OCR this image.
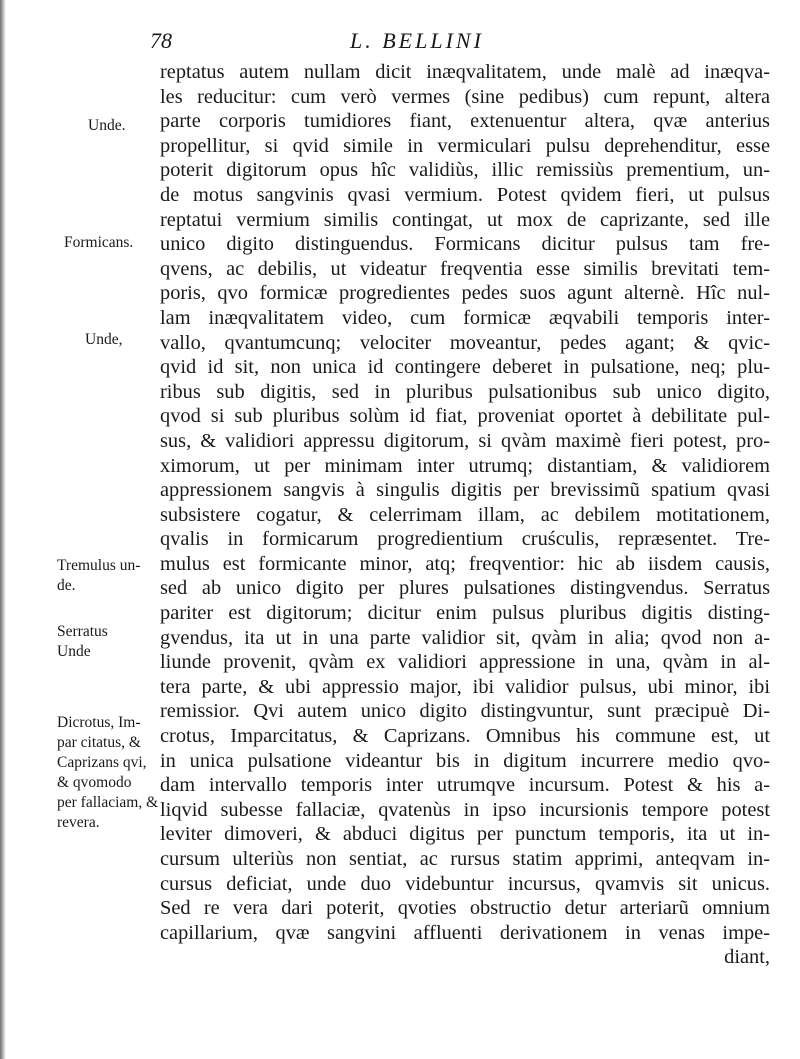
78	L. BELLINI
Unde.
Formicans.
Unde,
Tremulus un-
de.
Serratus
Unde
Dicrotus, Im-
par citatus, &
Caprizans qvi,
& qvomodo
per fallaciam, &
revera.
reptatus autem nullam dicit inæqvalitatem, unde malè ad inæqva-
les reducitur: cum verò vermes (sine pedibus) cum repunt, altera
parte corporis tumidiores fiant, extenuentur altera, qvæ anterius
propellitur, si qvid simile in vermiculari pulsu deprehenditur, esse
poterit digitorum opus hîc validiùs, illic remissiùs prementium, un-
de motus sangvinis qvasi vermium. Potest qvidem fieri, ut pulsus
reptatui vermium similis contingat, ut mox de caprizante, sed ille
unico digito distinguendus. Formicans dicitur pulsus tam fre-
qvens, ac debilis, ut videatur freqventia esse similis brevitati tem-
poris, qvo formicæ progredientes pedes suos agunt alternè. Hîc nul-
lam inæqvalitatem video, cum formicæ æqvabili temporis inter-
vallo, qvantumcunq; velociter moveantur, pedes agant; & qvic-
qvid id sit, non unica id contingere deberet in pulsatione, neq; plu-
ribus sub digitis, sed in pluribus pulsationibus sub unico digito,
qvod si sub pluribus solùm id fiat, proveniat oportet à debilitate pul-
sus, & validiori appressu digitorum, si qvàm maximè fieri potest, pro-
ximorum, ut per minimam inter utrumq; distantiam, & validiorem
appressionem sangvis à singulis digitis per brevissimũ spatium qvasi
subsistere cogatur, & celerrimam illam, ac debilem motitationem,
qvalis in formicarum progredientium cruśculis, repræsentet. Tre-
mulus est formicante minor, atq; freqventior: hic ab iisdem causis,
sed ab unico digito per plures pulsationes distingvendus. Serratus
pariter est digitorum; dicitur enim pulsus pluribus digitis disting-
gvendus, ita ut in una parte validior sit, qvàm in alia; qvod non a-
liunde provenit, qvàm ex validiori appressione in una, qvàm in al-
tera parte, & ubi appressio major, ibi validior pulsus, ubi minor, ibi
remissior. Qvi autem unico digito distingvuntur, sunt præcipuè Di-
crotus, Imparcitatus, & Caprizans. Omnibus his commune est, ut
in unica pulsatione videantur bis in digitum incurrere medio qvo-
dam intervallo temporis inter utrumqve incursum. Potest & his a-
liqvid subesse fallaciæ, qvatenùs in ipso incursionis tempore potest
leviter dimoveri, & abduci digitus per punctum temporis, ita ut in-
cursum ulteriùs non sentiat, ac rursus statim apprimi, anteqvam in-
cursus deficiat, unde duo videbuntur incursus, qvamvis sit unicus.
Sed re vera dari poterit, qvoties obstructio detur arteriarũ omnium
capillarium, qvæ sangvini affluenti derivationem in venas impe-
diant,
